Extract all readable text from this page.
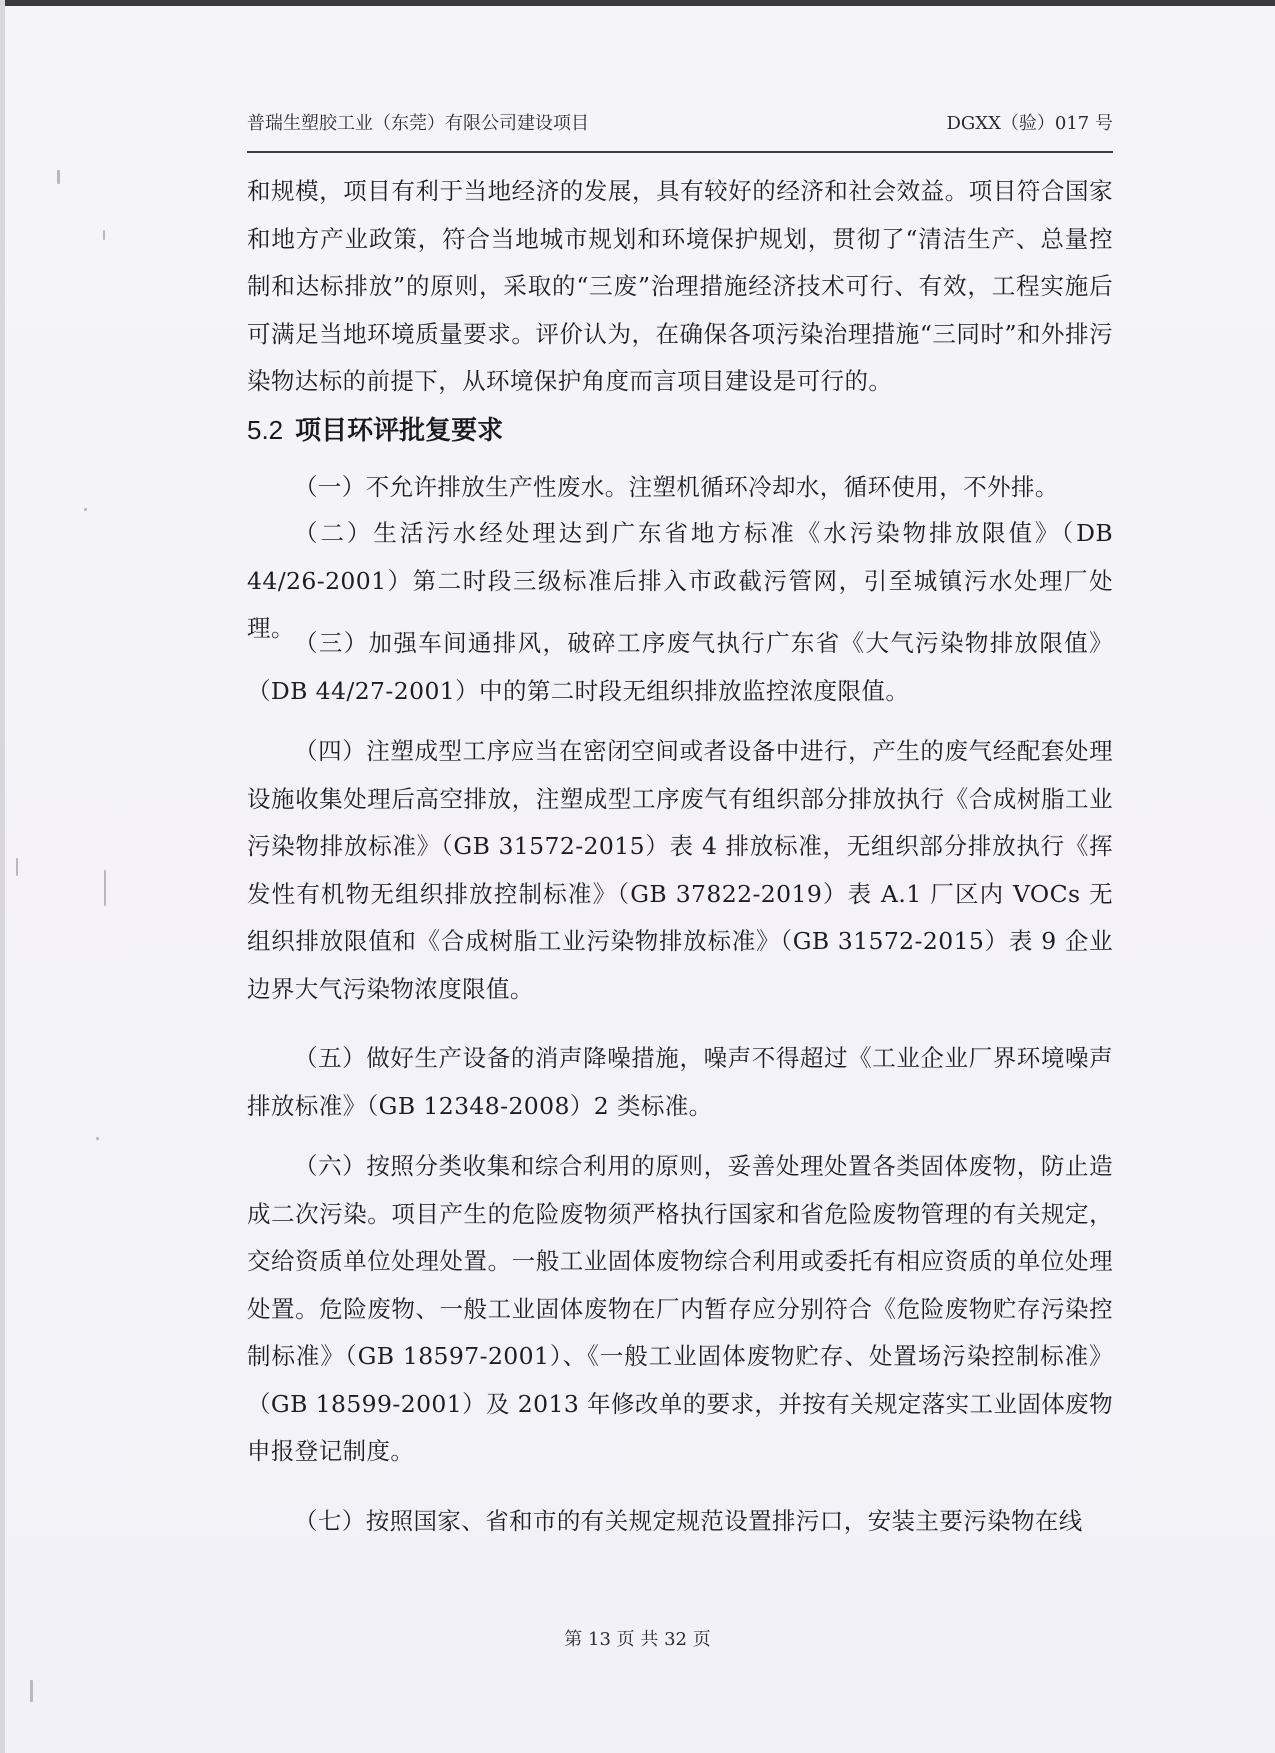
普瑞生塑胶工业（东莞）有限公司建设项目	DGXX（验）017 号

和规模，项目有利于当地经济的发展，具有较好的经济和社会效益。项目符合国家和地方产业政策，符合当地城市规划和环境保护规划，贯彻了“清洁生产、总量控制和达标排放”的原则，采取的“三废”治理措施经济技术可行、有效，工程实施后可满足当地环境质量要求。评价认为，在确保各项污染治理措施“三同时”和外排污染物达标的前提下，从环境保护角度而言项目建设是可行的。

5.2 项目环评批复要求

（一）不允许排放生产性废水。注塑机循环冷却水，循环使用，不外排。

（二）生活污水经处理达到广东省地方标准《水污染物排放限值》（DB 44/26-2001）第二时段三级标准后排入市政截污管网，引至城镇污水处理厂处理。

（三）加强车间通排风，破碎工序废气执行广东省《大气污染物排放限值》（DB 44/27-2001）中的第二时段无组织排放监控浓度限值。

（四）注塑成型工序应当在密闭空间或者设备中进行，产生的废气经配套处理设施收集处理后高空排放，注塑成型工序废气有组织部分排放执行《合成树脂工业污染物排放标准》（GB 31572-2015）表 4 排放标准，无组织部分排放执行《挥发性有机物无组织排放控制标准》（GB 37822-2019）表 A.1 厂区内 VOCs 无组织排放限值和《合成树脂工业污染物排放标准》（GB 31572-2015）表 9 企业边界大气污染物浓度限值。

（五）做好生产设备的消声降噪措施，噪声不得超过《工业企业厂界环境噪声排放标准》（GB 12348-2008）2 类标准。

（六）按照分类收集和综合利用的原则，妥善处理处置各类固体废物，防止造成二次污染。项目产生的危险废物须严格执行国家和省危险废物管理的有关规定，交给资质单位处理处置。一般工业固体废物综合利用或委托有相应资质的单位处理处置。危险废物、一般工业固体废物在厂内暂存应分别符合《危险废物贮存污染控制标准》（GB 18597-2001）、《一般工业固体废物贮存、处置场污染控制标准》（GB 18599-2001）及 2013 年修改单的要求，并按有关规定落实工业固体废物申报登记制度。

（七）按照国家、省和市的有关规定规范设置排污口，安装主要污染物在线

第 13 页 共 32 页
